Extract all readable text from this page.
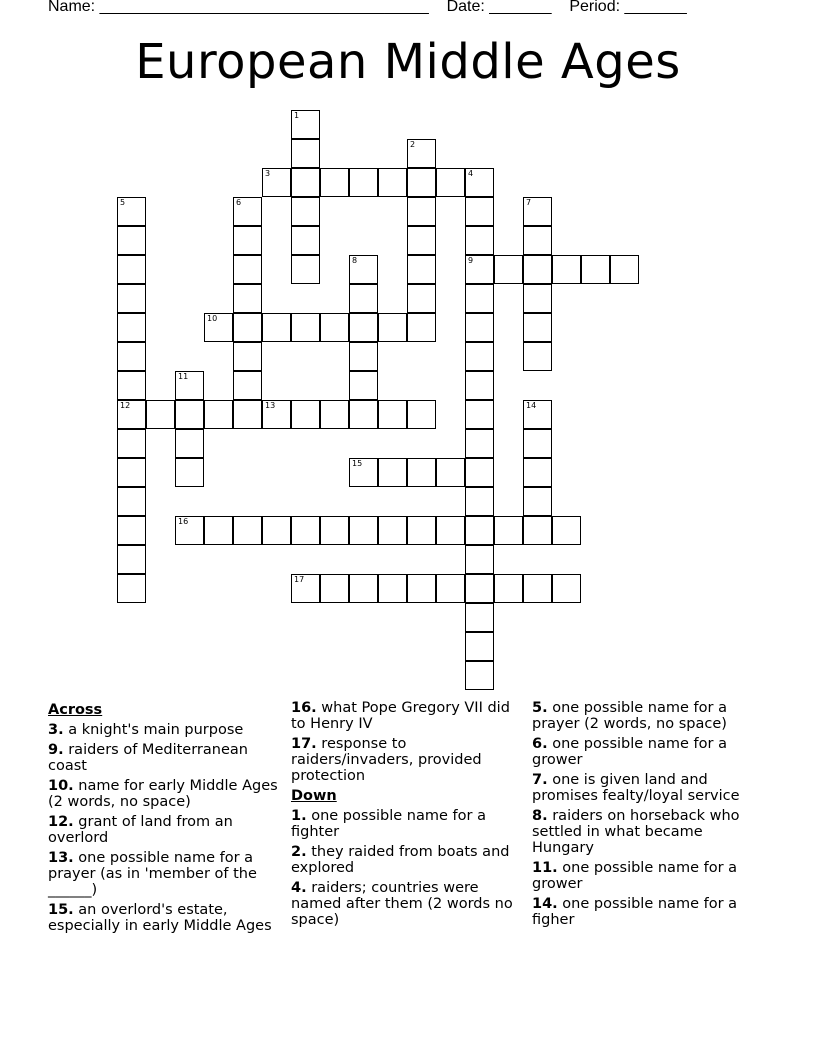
Name: _____________________________________    Date: _______    Period: _______
European Middle Ages
1
2
4
9
5
12
6	7
8
11
14
3
10
13
15
16
17
Across
3. a knight's main purpose
9. raiders of Mediterranean coast
10. name for early Middle Ages (2 words, no space)
12. grant of land from an overlord
13. one possible name for a prayer (as in 'member of the ______)
15. an overlord's estate, especially in early Middle Ages
16. what Pope Gregory VII did to Henry IV
17. response to raiders/invaders, provided protection
Down
1. one possible name for a fighter
2. they raided from boats and explored
4. raiders; countries were named after them (2 words no space)
5. one possible name for a prayer (2 words, no space)
6. one possible name for a grower
7. one is given land and promises fealty/loyal service
8. raiders on horseback who settled in what became Hungary
11. one possible name for a grower
14. one possible name for a figher
